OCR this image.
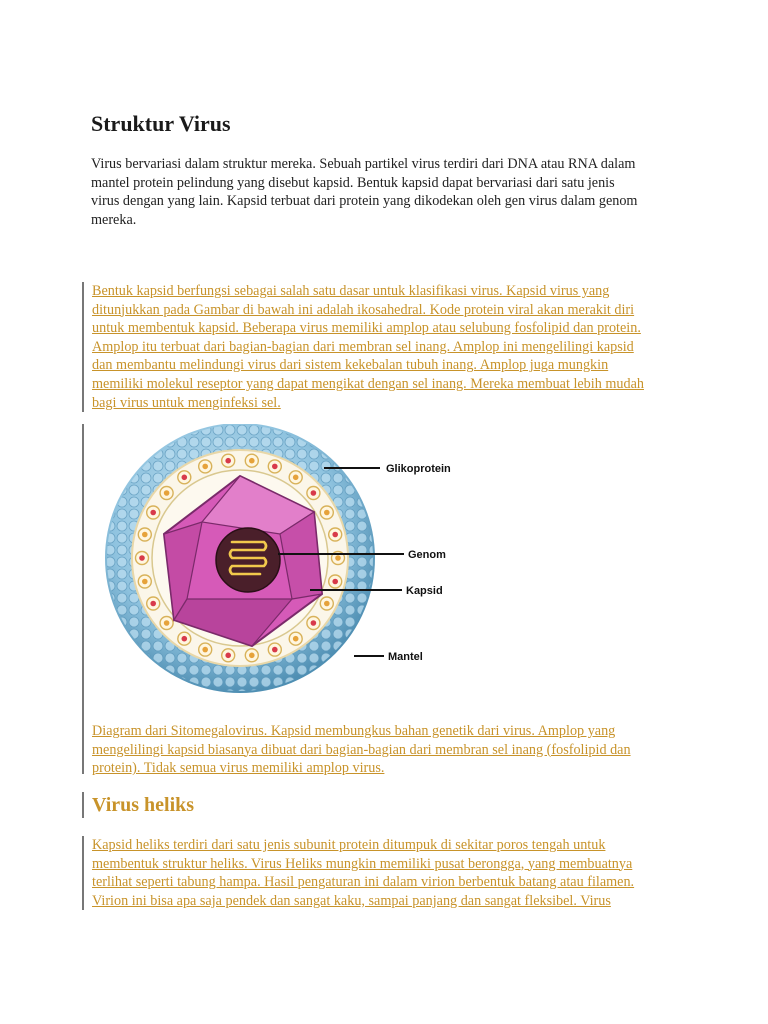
Struktur Virus
Virus bervariasi dalam struktur mereka. Sebuah partikel virus terdiri dari DNA atau RNA dalam
mantel protein pelindung yang disebut kapsid. Bentuk kapsid dapat bervariasi dari satu jenis
virus dengan yang lain. Kapsid terbuat dari protein yang dikodekan oleh gen virus dalam genom
mereka.

Bentuk kapsid berfungsi sebagai salah satu dasar untuk klasifikasi virus. Kapsid virus yang
ditunjukkan pada Gambar di bawah ini adalah ikosahedral. Kode protein viral akan merakit diri
untuk membentuk kapsid. Beberapa virus memiliki amplop atau selubung fosfolipid dan protein.
Amplop itu terbuat dari bagian-bagian dari membran sel inang. Amplop ini mengelilingi kapsid
dan membantu melindungi virus dari sistem kekebalan tubuh inang. Amplop juga mungkin
memiliki molekul reseptor yang dapat mengikat dengan sel inang. Mereka membuat lebih mudah
bagi virus untuk menginfeksi sel.

Glikoprotein
Genom
Kapsid
Mantel

Diagram dari Sitomegalovirus. Kapsid membungkus bahan genetik dari virus. Amplop yang
mengelilingi kapsid biasanya dibuat dari bagian-bagian dari membran sel inang (fosfolipid dan
protein). Tidak semua virus memiliki amplop virus.

Virus heliks

Kapsid heliks terdiri dari satu jenis subunit protein ditumpuk di sekitar poros tengah untuk
membentuk struktur heliks. Virus Heliks mungkin memiliki pusat berongga, yang membuatnya
terlihat seperti tabung hampa. Hasil pengaturan ini dalam virion berbentuk batang atau filamen.
Virion ini bisa apa saja pendek dan sangat kaku, sampai panjang dan sangat fleksibel. Virus
